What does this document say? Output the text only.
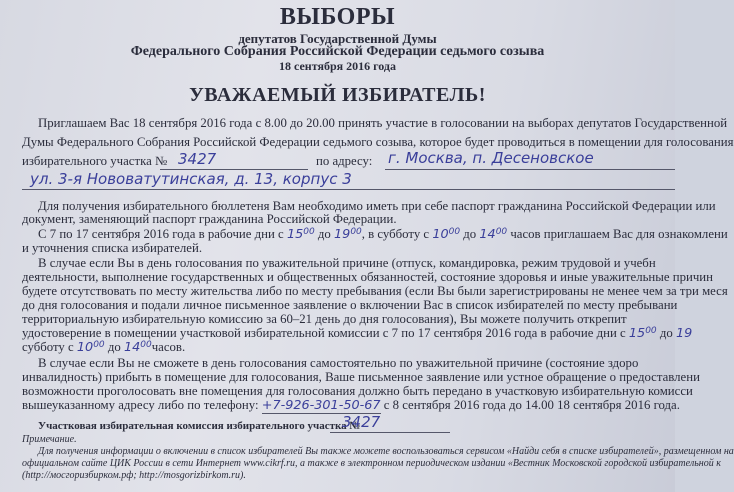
ВЫБОРЫ
депутатов Государственной Думы
Федерального Собрания Российской Федерации седьмого созыва
18 сентября 2016 года
УВАЖАЕМЫЙ ИЗБИРАТЕЛЬ!
Приглашаем Вас 18 сентября 2016 года с 8.00 до 20.00 принять участие в голосовании на выборах депутатов Государственной
Думы Федерального Собрания Российской Федерации седьмого созыва, которое будет проводиться в помещении для голосования
избирательного участка № 3427	по адресу: г. Москва, п. Десеновское
ул. 3-я Нововатутинская, д. 13, корпус 3
Для получения избирательного бюллетеня Вам необходимо иметь при себе паспорт гражданина Российской Федерации или
документ, заменяющий паспорт гражданина Российской Федерации.
С 7 по 17 сентября 2016 года в рабочие дни с $15^{00}$ до $19^{00}$, в субботу с $10^{00}$ до $14^{00}$ часов приглашаем Вас для ознакомлени
и уточнения списка избирателей.
В случае если Вы в день голосования по уважительной причине (отпуск, командировка, режим трудовой и учебн
деятельности, выполнение государственных и общественных обязанностей, состояние здоровья и иные уважительные причин
будете отсутствовать по месту жительства либо по месту пребывания (если Вы были зарегистрированы не менее чем за три меся
до дня голосования и подали личное письменное заявление о включении Вас в список избирателей по месту пребывани
территориальную избирательную комиссию за 60–21 день до дня голосования), Вы можете получить открепит
удостоверение в помещении участковой избирательной комиссии с 7 по 17 сентября 2016 года в рабочие дни с $15^{00}$ до 19
субботу с $10^{00}$ до $14^{00}часов$.
В случае если Вы не сможете в день голосования самостоятельно по уважительной причине (состояние здоро
инвалидность) прибыть в помещение для голосования, Ваше письменное заявление или устное обращение о предоставлени
возможности проголосовать вне помещения для голосования должно быть передано в участковую избирательную комисси
вышеуказанному адресу либо по телефону: +7-926-301-50-67 с 8 сентября 2016 года до 14.00 18 сентября 2016 года.
Участковая избирательная комиссия избирательного участка №
3427
Примечание.
Для получения информации о включении в список избирателей Вы также можете воспользоваться сервисом «Найди себя в списке избирателей», размещенном на
официальном сайте ЦИК России в сети Интернет www.cikrf.ru, а также в электронном периодическом издании «Вестник Московской городской избирательной к
(http://мосгоризбирком.рф; http://mosgorizbirkom.ru).
